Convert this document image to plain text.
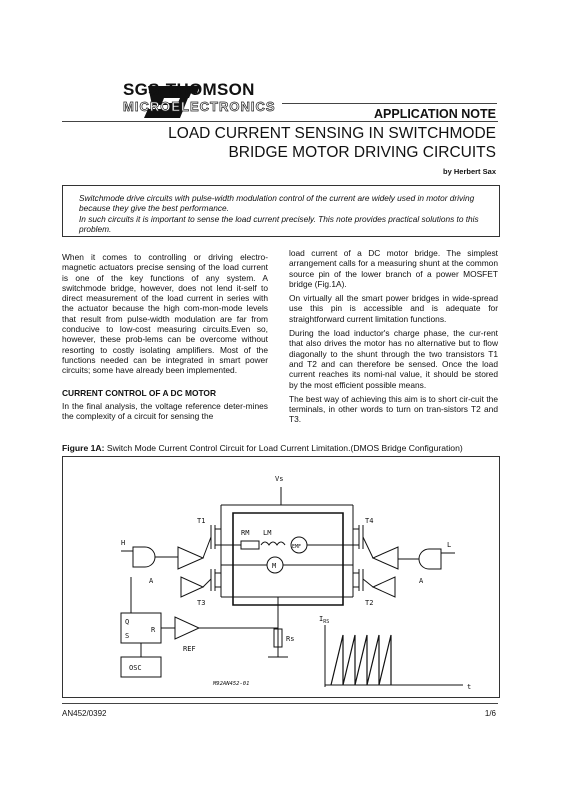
SGS-THOMSON
MICROELECTRONICS	APPLICATION NOTE
LOAD CURRENT SENSING IN SWITCHMODE
BRIDGE MOTOR DRIVING CIRCUITS
by Herbert Sax

Switchmode drive circuits with pulse-width modulation control of the current are widely used in motor driving because they give the best performance.

In such circuits it is important to sense the load current precisely. This note provides practical solutions to this problem.

When it comes to controlling or driving electro-magnetic actuators precise sensing of the load current is one of the key functions of any system. A switchmode bridge, however, does not lend it-self to direct measurement of the load current in series with the actuator because the high com-mon-mode levels that result from pulse-width modulation are far from conducive to low-cost measuring circuits.Even so, however, these prob-lems can be overcome without resorting to costly isolating amplifiers. Most of the functions needed can be integrated in smart power circuits; some have already been implemented.

CURRENT CONTROL OF A DC MOTOR

In the final analysis, the voltage reference deter-mines the complexity of a circuit for sensing the

load current of a DC motor bridge. The simplest arrangement calls for a measuring shunt at the common source pin of the lower branch of a power MOSFET bridge (Fig.1A).

On virtually all the smart power bridges in wide-spread use this pin is accessible and is adequate for straightforward current limitation functions.

During the load inductor's charge phase, the cur-rent that also drives the motor has no alternative but to flow diagonally to the shunt through the two transistors T1 and T2 and can therefore be sensed. Once the load current reaches its nomi-nal value, it should be stored by the most efficient possible means.

The best way of achieving this aim is to short cir-cuit the terminals, in other words to turn on tran-sistors T2 and T3.

Figure 1A: Switch Mode Current Control Circuit for Load Current Limitation.(DMOS Bridge Configuration)
Vs
T1
T3
T4
T2
RM LM
EMF
M
H	L
A	A
Q
S
R
REF
OSC
Rs
$I_{RS}$
t
M92AN452-01
AN452/0392	1/6
